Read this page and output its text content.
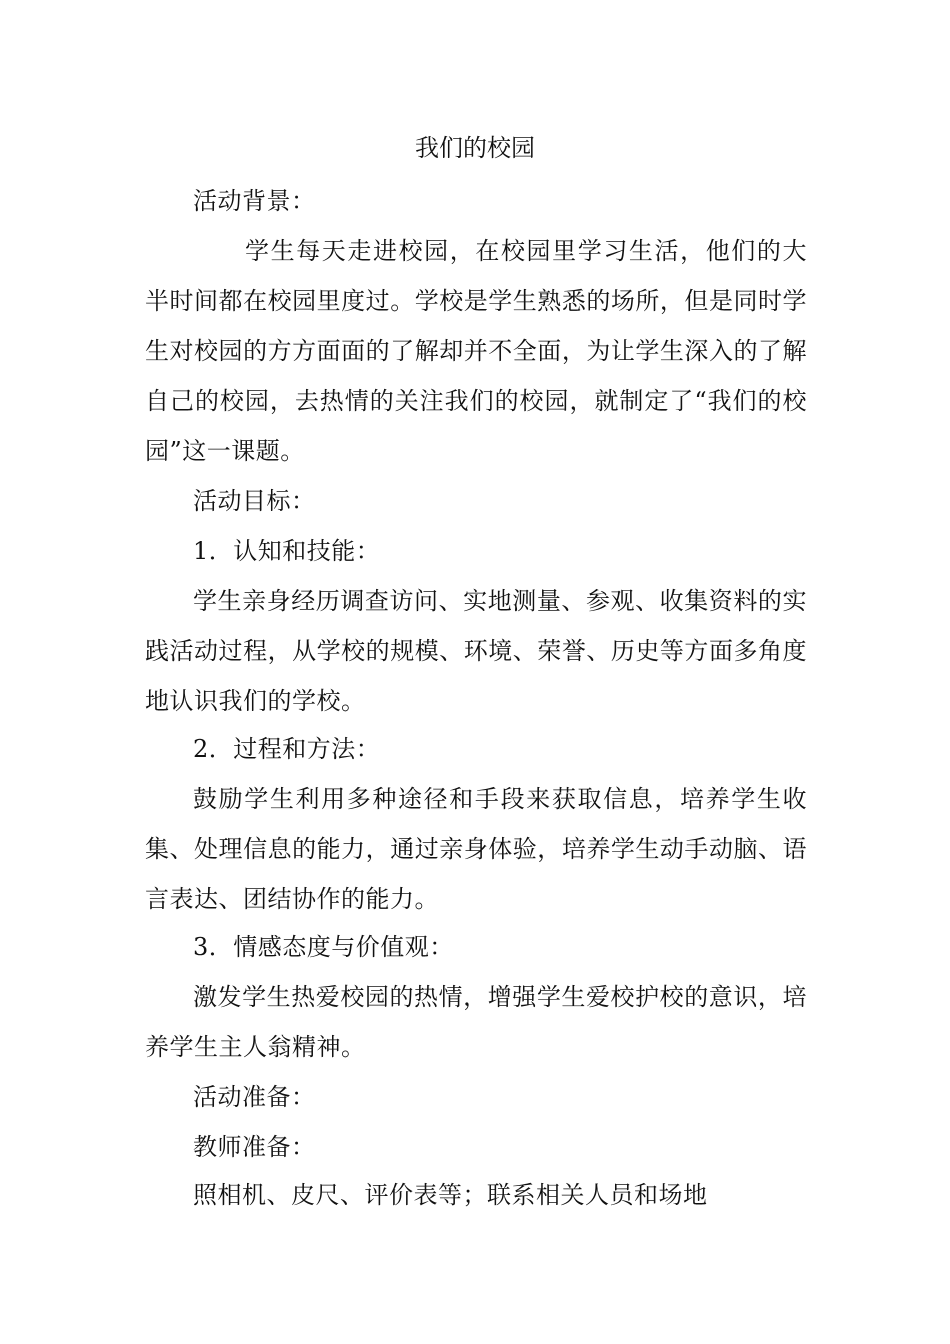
我们的校园

活动背景：

学生每天走进校园，在校园里学习生活，他们的大半时间都在校园里度过。学校是学生熟悉的场所，但是同时学生对校园的方方面面的了解却并不全面，为让学生深入的了解自己的校园，去热情的关注我们的校园，就制定了“我们的校园”这一课题。

活动目标：

1．认知和技能：

学生亲身经历调查访问、实地测量、参观、收集资料的实践活动过程，从学校的规模、环境、荣誉、历史等方面多角度地认识我们的学校。

2．过程和方法：

鼓励学生利用多种途径和手段来获取信息，培养学生收集、处理信息的能力，通过亲身体验，培养学生动手动脑、语言表达、团结协作的能力。

3．情感态度与价值观：

激发学生热爱校园的热情，增强学生爱校护校的意识，培养学生主人翁精神。

活动准备：

教师准备：

照相机、皮尺、评价表等；联系相关人员和场地
